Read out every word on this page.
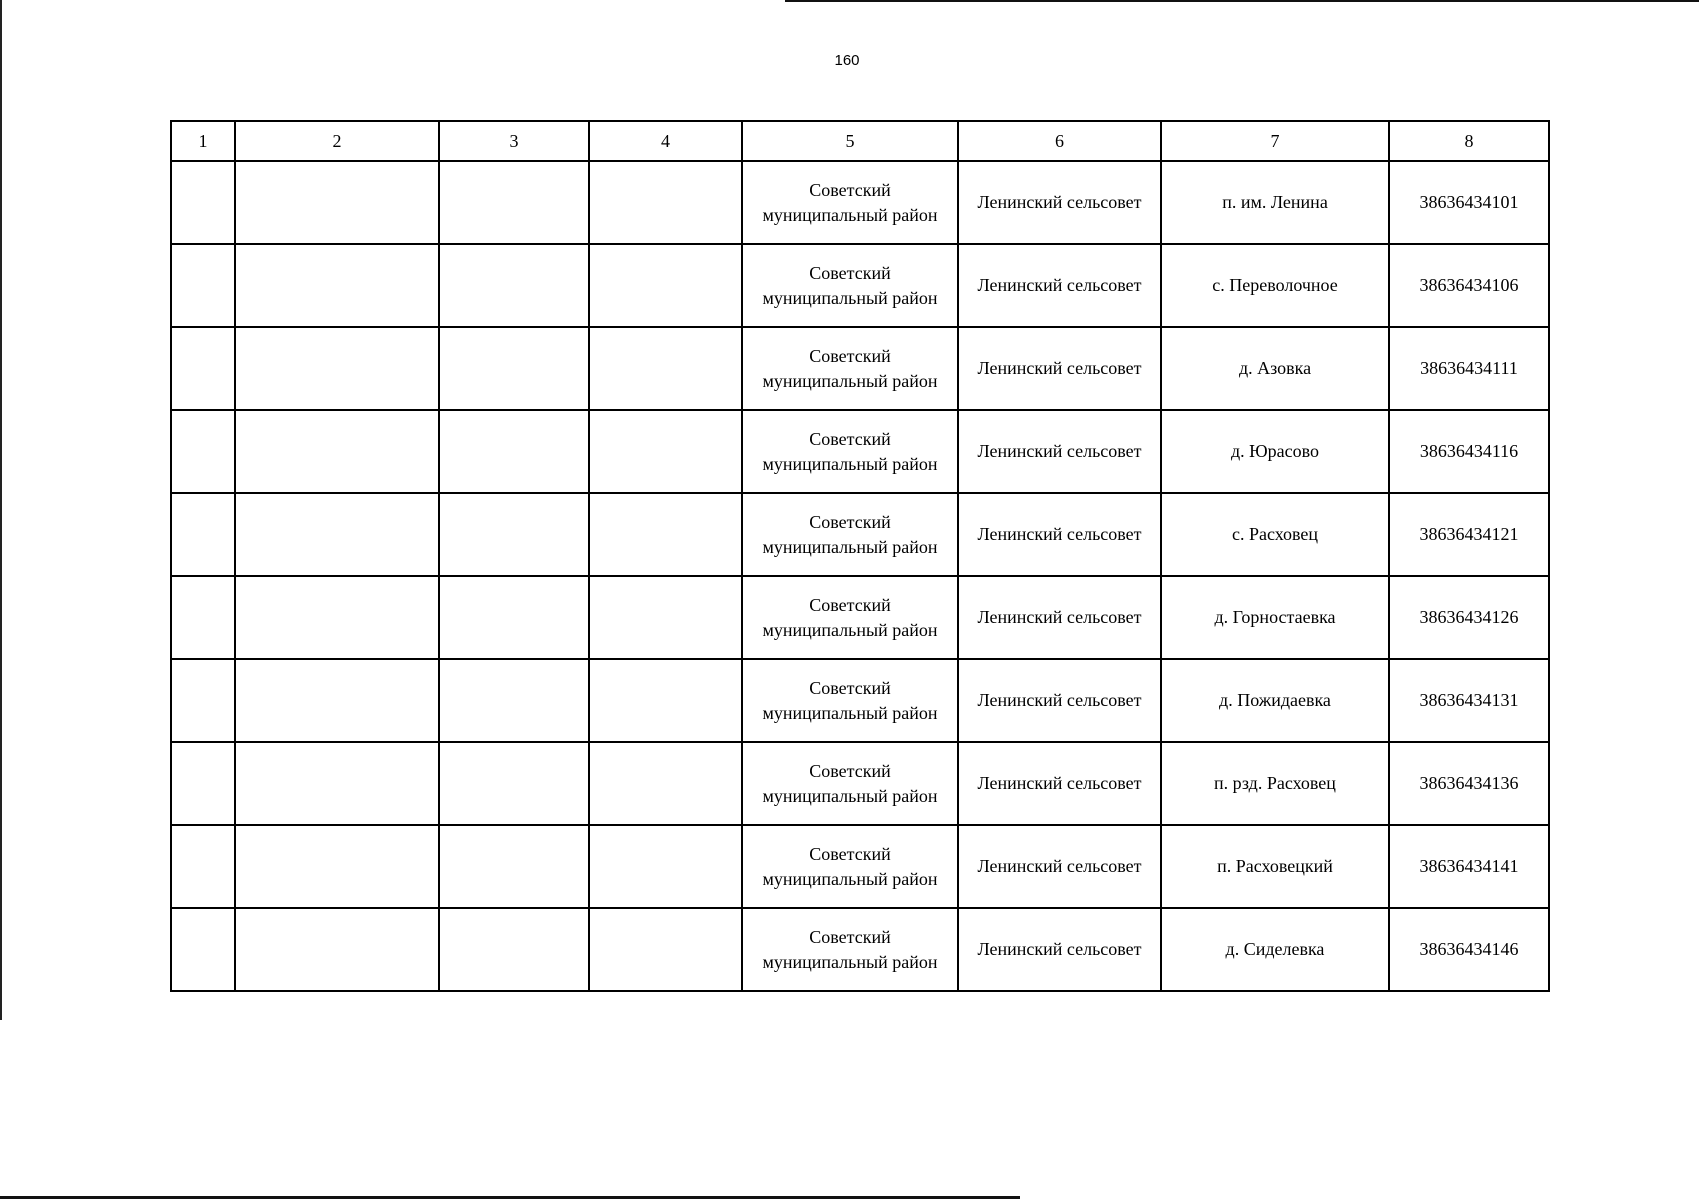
160
1	2	3	4	5	6	7	8
				Советский муниципальный район	Ленинский сельсовет	п. им. Ленина	38636434101
				Советский муниципальный район	Ленинский сельсовет	с. Переволочное	38636434106
				Советский муниципальный район	Ленинский сельсовет	д. Азовка	38636434111
				Советский муниципальный район	Ленинский сельсовет	д. Юрасово	38636434116
				Советский муниципальный район	Ленинский сельсовет	с. Расховец	38636434121
				Советский муниципальный район	Ленинский сельсовет	д. Горностаевка	38636434126
				Советский муниципальный район	Ленинский сельсовет	д. Пожидаевка	38636434131
				Советский муниципальный район	Ленинский сельсовет	п. рзд. Расховец	38636434136
				Советский муниципальный район	Ленинский сельсовет	п. Расховецкий	38636434141
				Советский муниципальный район	Ленинский сельсовет	д. Сиделевка	38636434146
